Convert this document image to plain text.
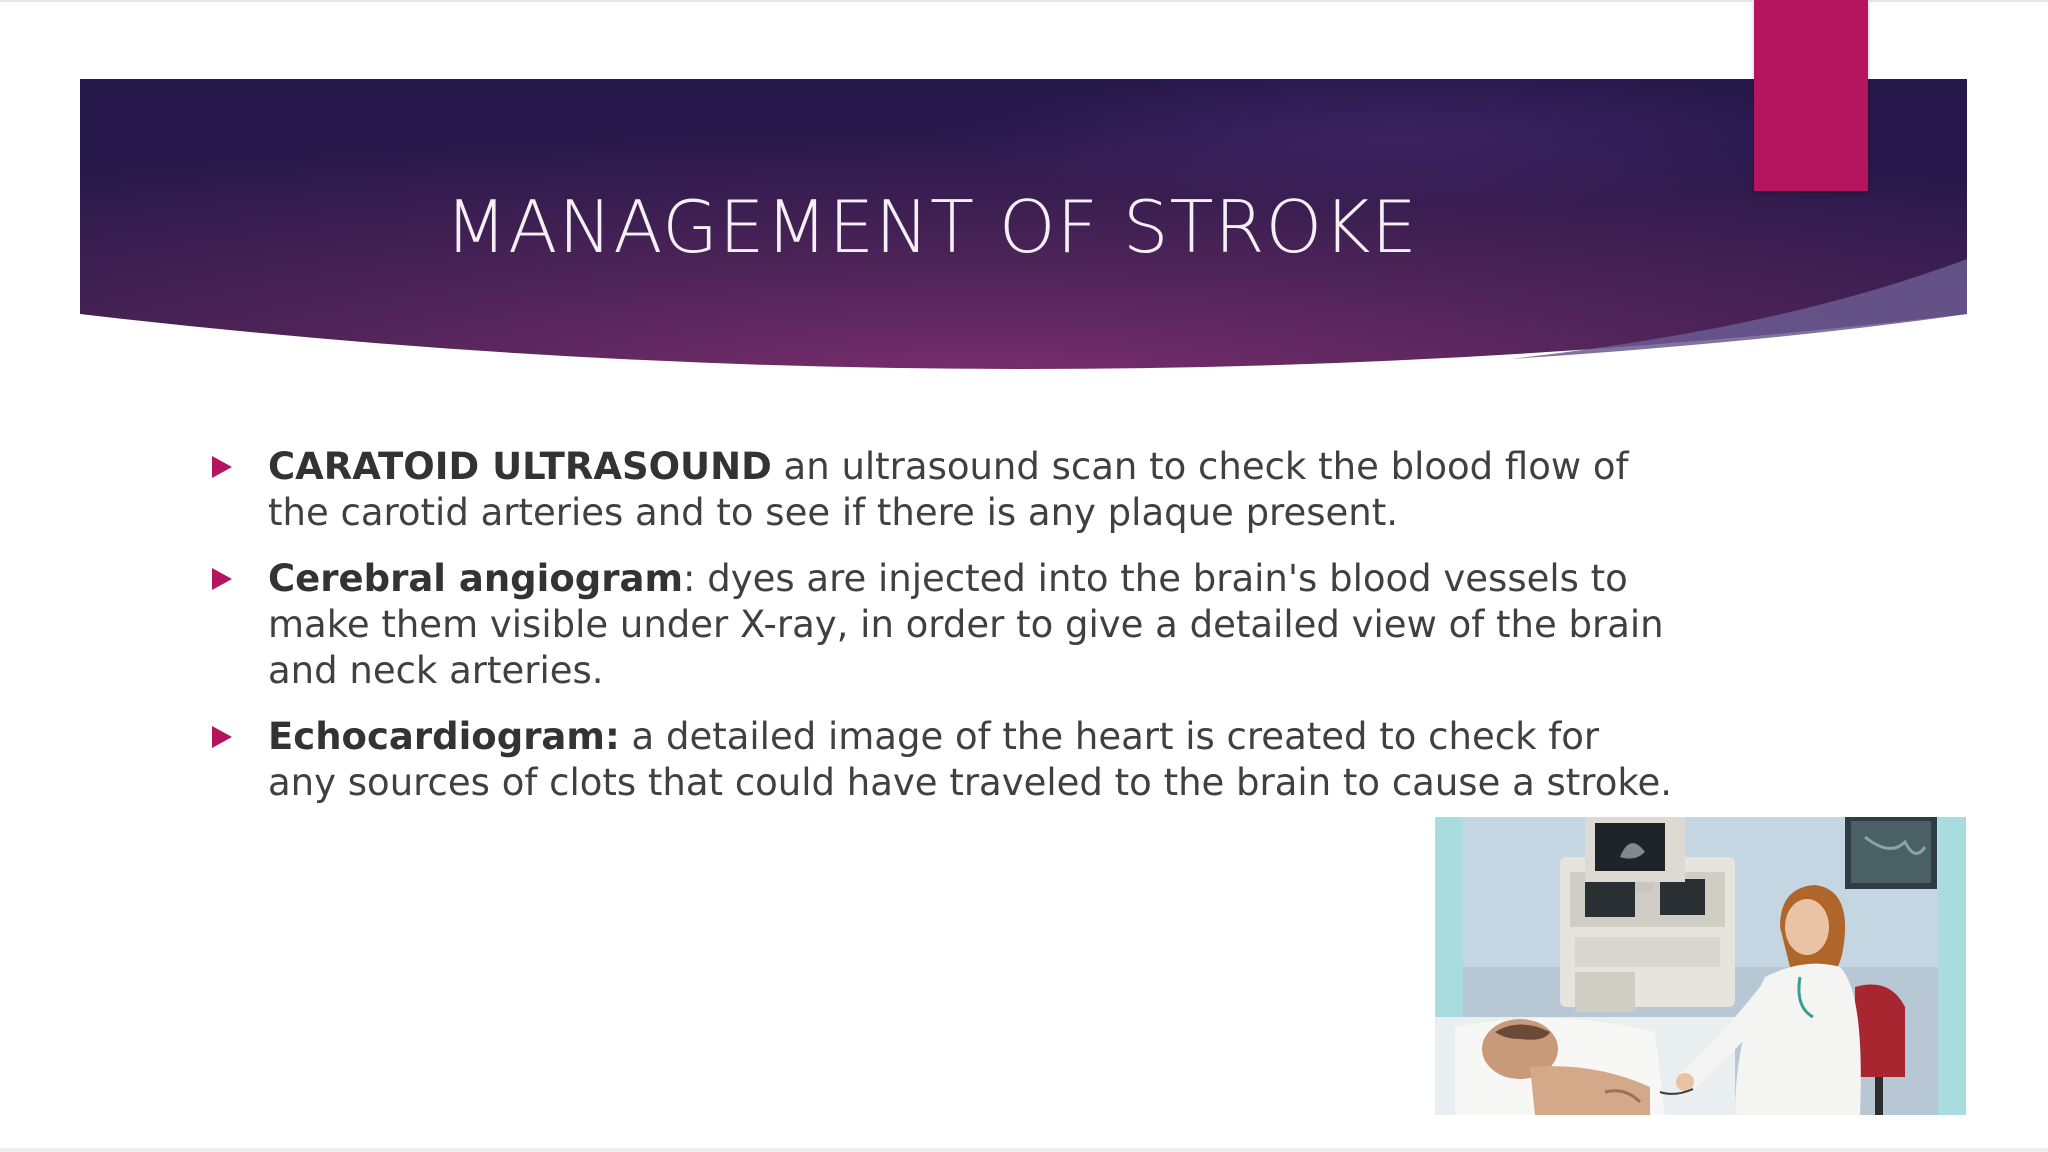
MANAGEMENT OF STROKE
CARATOID ULTRASOUND an ultrasound scan to check the blood flow of the carotid arteries and to see if there is any plaque present.
Cerebral angiogram: dyes are injected into the brain's blood vessels to make them visible under X-ray, in order to give a detailed view of the brain and neck arteries.
Echocardiogram: a detailed image of the heart is created to check for any sources of clots that could have traveled to the brain to cause a stroke.
